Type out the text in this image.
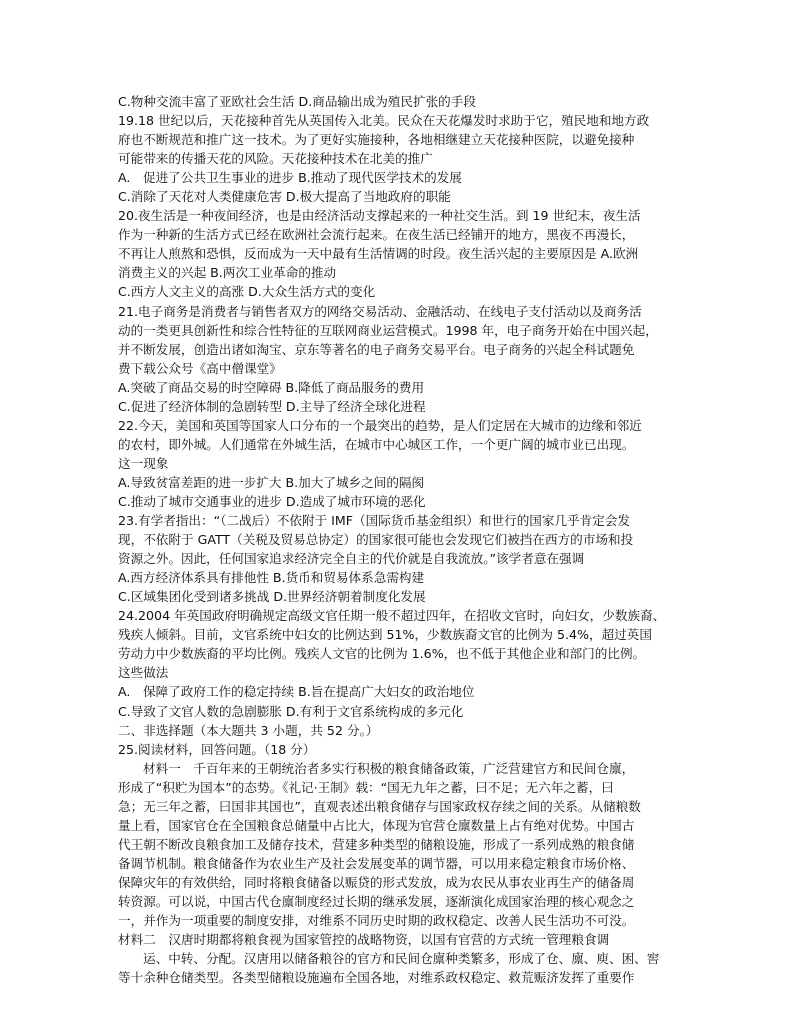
C.物种交流丰富了亚欧社会生活 D.商品输出成为殖民扩张的手段
19.18 世纪以后，天花接种首先从英国传入北美。民众在天花爆发时求助于它，殖民地和地方政
府也不断规范和推广这一技术。为了更好实施接种，各地相继建立天花接种医院，以避免接种
可能带来的传播天花的风险。天花接种技术在北美的推广
A.　促进了公共卫生事业的进步 B.推动了现代医学技术的发展
C.消除了天花对人类健康危害 D.极大提高了当地政府的职能
20.夜生活是一种夜间经济，也是由经济活动支撑起来的一种社交生活。到 19 世纪末，夜生活
作为一种新的生活方式已经在欧洲社会流行起来。在夜生活已经铺开的地方，黑夜不再漫长，
不再让人煎熬和恐惧，反而成为一天中最有生活情调的时段。夜生活兴起的主要原因是 A.欧洲
消费主义的兴起 B.两次工业革命的推动
C.西方人文主义的高涨 D.大众生活方式的变化
21.电子商务是消费者与销售者双方的网络交易活动、金融活动、在线电子支付活动以及商务活
动的一类更具创新性和综合性特征的互联网商业运营模式。1998 年，电子商务开始在中国兴起，
并不断发展，创造出诸如淘宝、京东等著名的电子商务交易平台。电子商务的兴起全科试题免
费下载公众号《高中僧课堂》
A.突破了商品交易的时空障碍 B.降低了商品服务的费用
C.促进了经济体制的急剧转型 D.主导了经济全球化进程
22.今天，美国和英国等国家人口分布的一个最突出的趋势，是人们定居在大城市的边缘和邻近
的农村，即外城。人们通常在外城生活，在城市中心城区工作，一个更广阔的城市业已出现。
这一现象
A.导致贫富差距的进一步扩大 B.加大了城乡之间的隔阂
C.推动了城市交通事业的进步 D.造成了城市环境的恶化
23.有学者指出：“（二战后）不依附于 IMF（国际货币基金组织）和世行的国家几乎肯定会发
现，不依附于 GATT（关税及贸易总协定）的国家很可能也会发现它们被挡在西方的市场和投
资源之外。因此，任何国家追求经济完全自主的代价就是自我流放。”该学者意在强调
A.西方经济体系具有排他性 B.货币和贸易体系急需构建
C.区域集团化受到诸多挑战 D.世界经济朝着制度化发展
24.2004 年英国政府明确规定高级文官任期一般不超过四年，在招收文官时，向妇女，少数族裔、
残疾人倾斜。目前，文官系统中妇女的比例达到 51%，少数族裔文官的比例为 5.4%，超过英国
劳动力中少数族裔的平均比例。残疾人文官的比例为 1.6%，也不低于其他企业和部门的比例。
这些做法
A.　保障了政府工作的稳定持续 B.旨在提高广大妇女的政治地位
C.导致了文官人数的急剧膨胀 D.有利于文官系统构成的多元化
二、非选择题（本大题共 3 小题，共 52 分。）
25.阅读材料，回答问题。（18 分）
材料一　千百年来的王朝统治者多实行积极的粮食储备政策，广泛营建官方和民间仓廪，
形成了“积贮为国本”的态势。《礼记·王制》载：“国无九年之蓄，曰不足；无六年之蓄，曰
急；无三年之蓄，曰国非其国也”，直观表述出粮食储存与国家政权存续之间的关系。从储粮数
量上看，国家官仓在全国粮食总储量中占比大，体现为官营仓廪数量上占有绝对优势。中国古
代王朝不断改良粮食加工及储存技术，营建多种类型的储粮设施，形成了一系列成熟的粮食储
备调节机制。粮食储备作为农业生产及社会发展变革的调节器，可以用来稳定粮食市场价格、
保障灾年的有效供给，同时将粮食储备以赈贷的形式发放，成为农民从事农业再生产的储备周
转资源。可以说，中国古代仓廪制度经过长期的继承发展，逐渐演化成国家治理的核心观念之
一，并作为一项重要的制度安排，对维系不同历史时期的政权稳定、改善人民生活功不可没。
材料二　汉唐时期都将粮食视为国家管控的战略物资，以国有官营的方式统一管理粮食调
运、中转、分配。汉唐用以储备粮谷的官方和民间仓廪种类繁多，形成了仓、廪、庾、困、窖
等十余种仓储类型。各类型储粮设施遍布全国各地，对维系政权稳定、救荒赈济发挥了重要作
